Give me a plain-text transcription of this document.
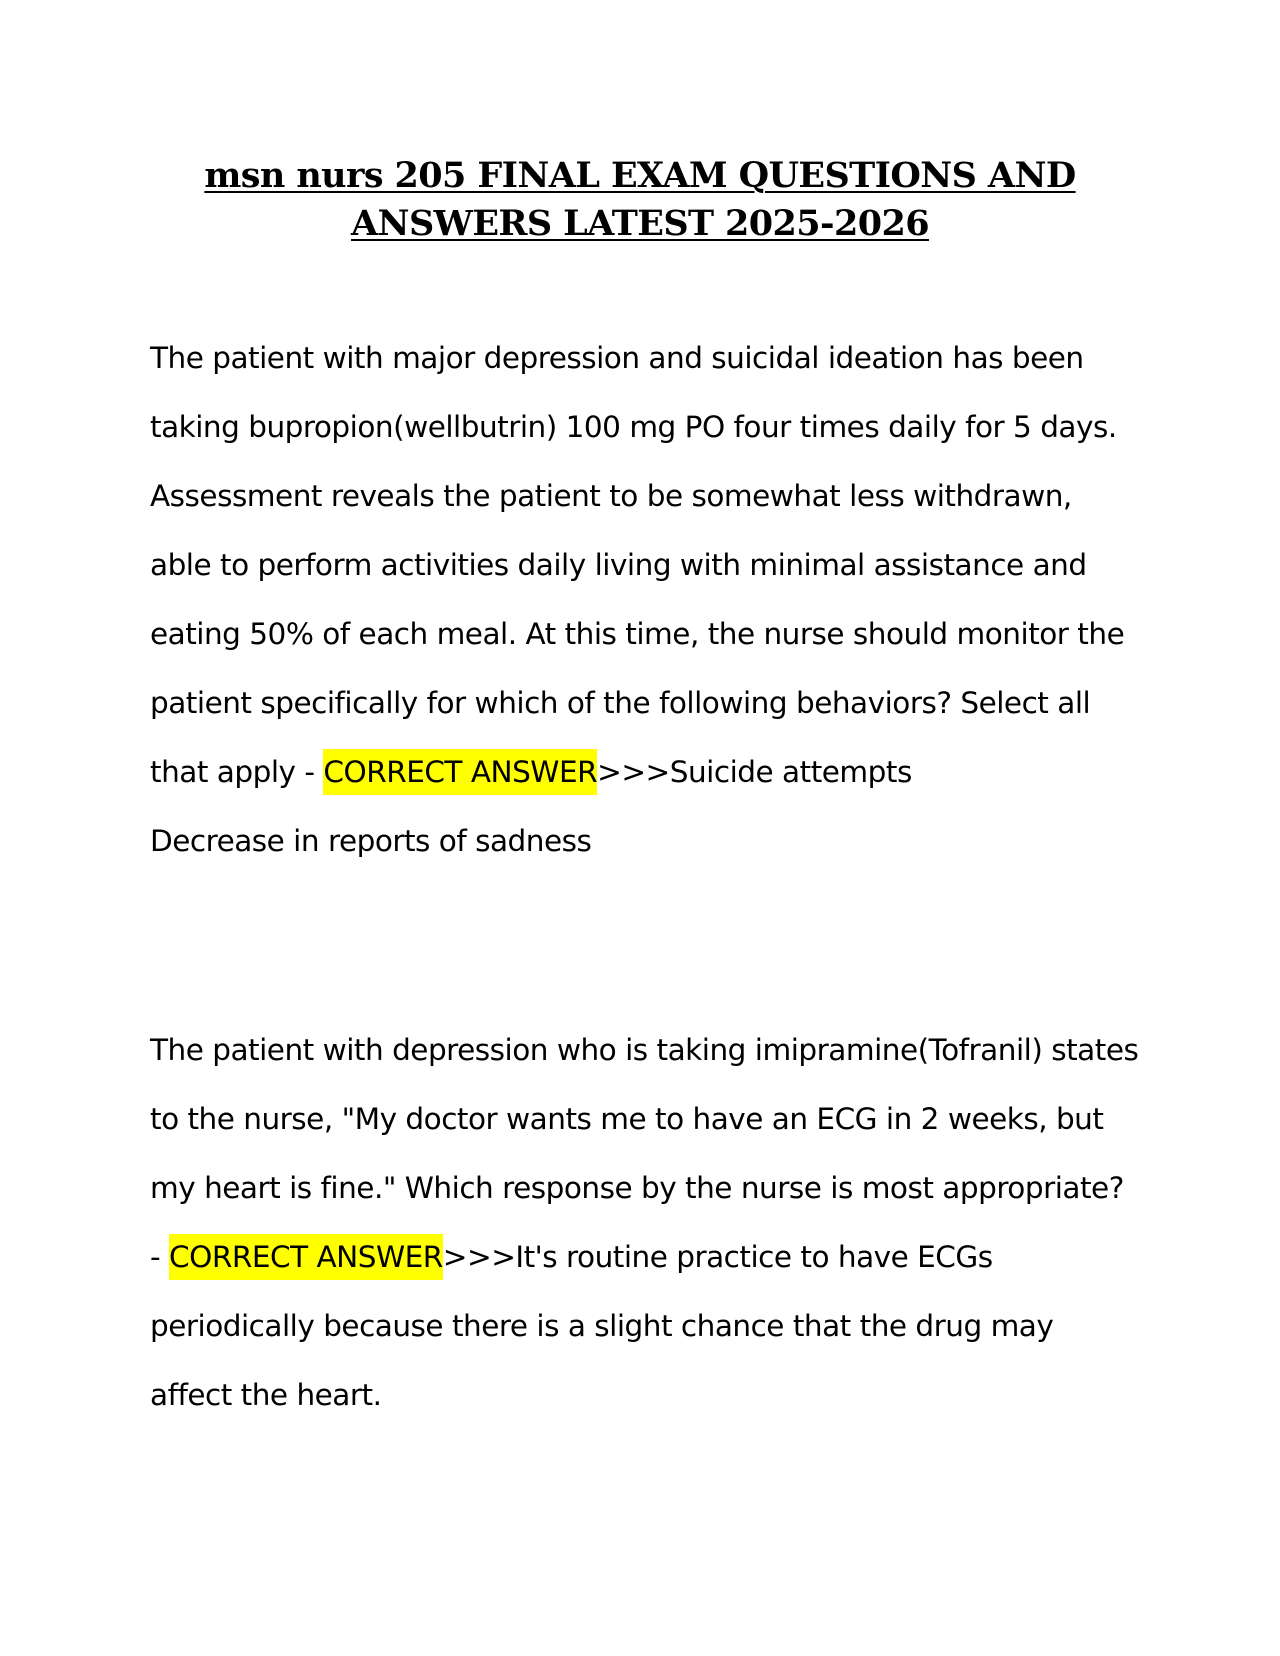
msn nurs 205 FINAL EXAM QUESTIONS AND
ANSWERS LATEST 2025-2026

The patient with major depression and suicidal ideation has been taking bupropion(wellbutrin) 100 mg PO four times daily for 5 days. Assessment reveals the patient to be somewhat less withdrawn, able to perform activities daily living with minimal assistance and eating 50% of each meal. At this time, the nurse should monitor the patient specifically for which of the following behaviors? Select all that apply - CORRECT ANSWER>>>Suicide attempts

Decrease in reports of sadness

The patient with depression who is taking imipramine(Tofranil) states to the nurse, "My doctor wants me to have an ECG in 2 weeks, but my heart is fine." Which response by the nurse is most appropriate? - CORRECT ANSWER>>>It's routine practice to have ECGs periodically because there is a slight chance that the drug may affect the heart.
